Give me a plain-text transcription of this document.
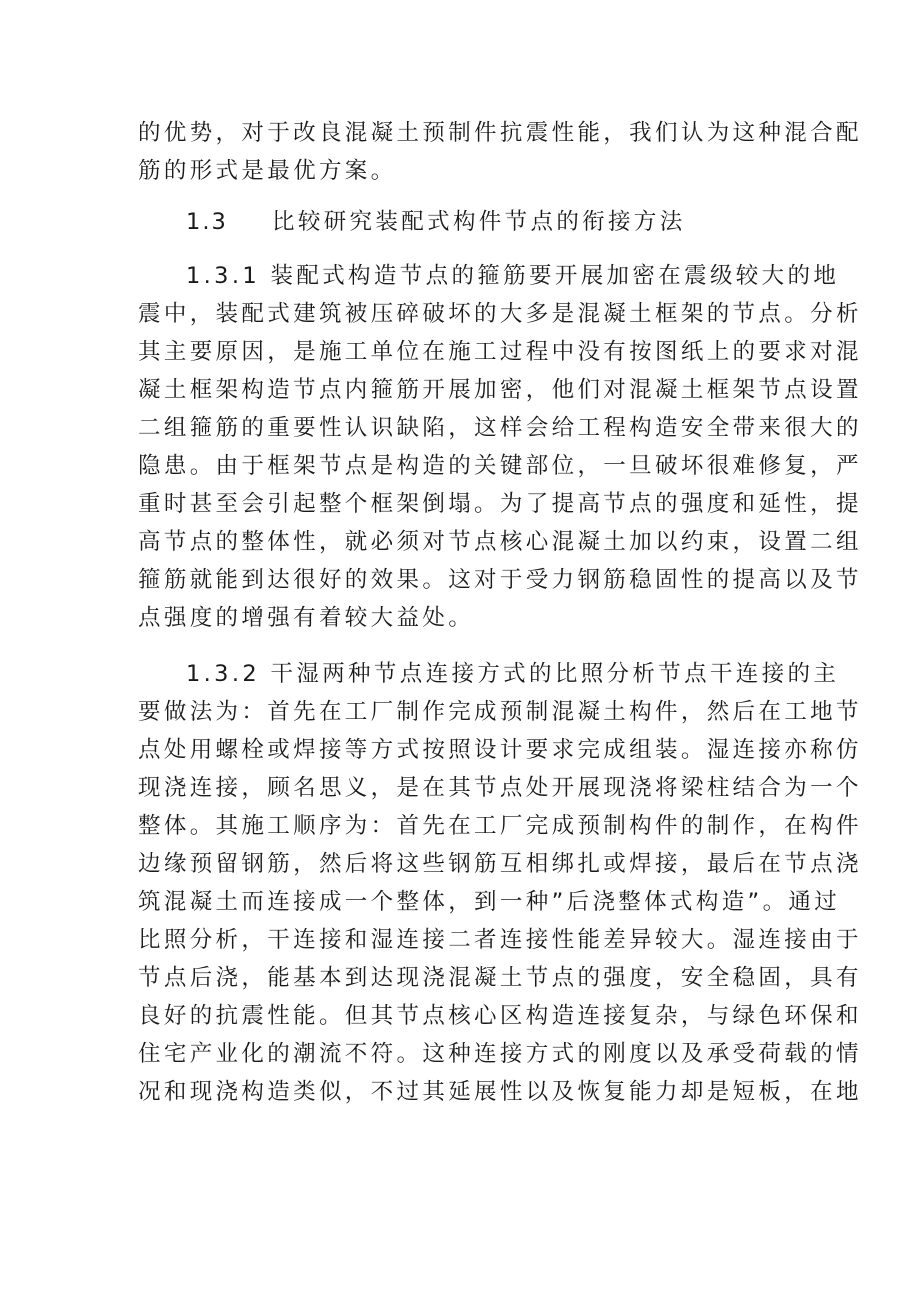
的优势，对于改良混凝土预制件抗震性能，我们认为这种混合配
筋的形式是最优方案。
1.3 比较研究装配式构件节点的衔接方法
1.3.1 装配式构造节点的箍筋要开展加密在震级较大的地
震中，装配式建筑被压碎破坏的大多是混凝土框架的节点。分析
其主要原因，是施工单位在施工过程中没有按图纸上的要求对混
凝土框架构造节点内箍筋开展加密，他们对混凝土框架节点设置
二组箍筋的重要性认识缺陷，这样会给工程构造安全带来很大的
隐患。由于框架节点是构造的关键部位，一旦破坏很难修复，严
重时甚至会引起整个框架倒塌。为了提高节点的强度和延性，提
高节点的整体性，就必须对节点核心混凝土加以约束，设置二组
箍筋就能到达很好的效果。这对于受力钢筋稳固性的提高以及节
点强度的增强有着较大益处。
1.3.2 干湿两种节点连接方式的比照分析节点干连接的主
要做法为：首先在工厂制作完成预制混凝土构件，然后在工地节
点处用螺栓或焊接等方式按照设计要求完成组装。湿连接亦称仿
现浇连接，顾名思义，是在其节点处开展现浇将梁柱结合为一个
整体。其施工顺序为：首先在工厂完成预制构件的制作，在构件
边缘预留钢筋，然后将这些钢筋互相绑扎或焊接，最后在节点浇
筑混凝土而连接成一个整体，到一种”后浇整体式构造”。通过
比照分析，干连接和湿连接二者连接性能差异较大。湿连接由于
节点后浇，能基本到达现浇混凝土节点的强度，安全稳固，具有
良好的抗震性能。但其节点核心区构造连接复杂，与绿色环保和
住宅产业化的潮流不符。这种连接方式的刚度以及承受荷载的情
况和现浇构造类似，不过其延展性以及恢复能力却是短板，在地
